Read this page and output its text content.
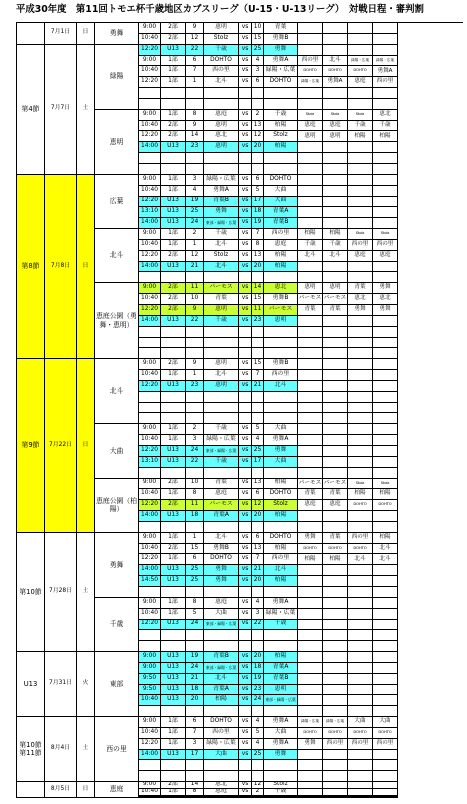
平成30年度　第11回トモエ杯千歳地区カブスリーグ（U-15・U-13リーグ）　対戦日程・審判割
7月1日	日	勇舞
9:00	2部	9	恵明	vs 10	青葉
10:40	2部	12	Stolz	vs 15	勇舞B
12:20	U13	22	千歳	vs 25	勇舞
第4節	7月7日	土
緑陽
9:00	1部	6	DOHTO	vs	4	勇舞A	西の里	北斗	緑陽・広葉	緑陽・広葉
10:40	1部	7	西の里	vs	3	緑陽・広葉	DOHTO	DOHTO	DOHTO	勇舞A
12:20	1部	1	北斗	vs	6	DOHTO	緑陽・広葉	勇舞A	恵庭	西の里
恵明
9:00	1部	8	恵庭	vs	2	千歳	Stolz	Stolz	Stolz	恵北
10:40	2部	9	恵明	vs 13	柏陽	恵庭	恵庭	千歳	千歳
12:20	2部	14	恵北	vs 12	Stolz	恵明	恵明	柏陽	柏陽
14:00	U13	23	恵明	vs 20	柏陽
第8節	7月8日	日
広葉
9:00	1部	3	緑陽・広葉	vs	6	DOHTO
10:40	1部	4	勇舞A	vs	5	大曲
12:20	U13	19	青葉B	vs 17	大曲
13:10	U13	25	勇舞	vs 18	青葉A
14:00	U13	24	東部・緑陽・広葉 vs 19	青葉B
北斗
9:00	1部	2	千歳	vs	7	西の里	柏陽	柏陽	Stolz	Stolz
10:40	1部	1	北斗	vs	8	恵庭	千歳	千歳	西の里	西の里
12:20	2部	12	Stolz	vs 13	柏陽	北斗	北斗	恵庭	恵庭
14:00	U13	21	北斗	vs 20	柏陽
恵庭公園（勇舞・恵明）
9:00	2部	11	パーモス	vs 14	恵北	恵明	恵明	青葉	勇舞
10:40	2部	10	青葉	vs 15	勇舞B	パーモス パーモス	恵北	恵北
12:20	2部	9	恵明	vs 11	パーモス	青葉	青葉	勇舞	勇舞
14:00	U13	22	千歳	vs 23	恵明
第9節	7月22日	日
北斗
9:00	2部	9	恵明	vs 15	勇舞B
10:40	1部	1	北斗	vs	7	西の里
12:20	U13	23	恵明	vs 21	北斗
大曲
9:00	1部	2	千歳	vs	5	大曲
10:40	1部	3	緑陽・広葉	vs	4	勇舞A
12:20	U13	24	東部・緑陽・広葉 vs 25	勇舞
13:10	U13	22	千歳	vs 17	大曲
恵庭公園（柏陽）
9:00	2部	10	青葉	vs 13	柏陽	パーモス パーモス	Stolz	Stolz
10:40	1部	8	恵庭	vs	6	DOHTO	青葉	青葉	柏陽	柏陽
12:20	2部	11	パーモス	vs 12	Stolz	恵庭	恵庭	DOHTO	DOHTO
14:00	U13	18	青葉A	vs 20	柏陽
第10節	7月28日	土
勇舞
9:00	1部	1	北斗	vs	6	DOHTO	勇舞	青葉	西の里	柏陽
10:40	2部	15	勇舞B	vs 13	柏陽	DOHTO	DOHTO	DOHTO	北斗
12:20	1部	6	DOHTO	vs	7	西の里	柏陽	柏陽	北斗	北斗
14:00	U13	25	勇舞	vs 21	北斗
14:50	U13	25	勇舞	vs 20	柏陽
千歳
9:00	1部	8	恵庭	vs	4	勇舞A
10:40	1部	5	大曲	vs	3	緑陽・広葉
12:20	U13	24	東部・緑陽・広葉 vs 22	千歳
U13	7月31日	火	東部
9:00	U13	19	青葉B	vs 20	柏陽
9:00	U13	24	東部・緑陽・広葉 vs 18	青葉A
9:50	U13	21	北斗	vs 19	青葉B
9:50	U13	18	青葉A	vs 23	恵明
10:40	U13	20	柏陽	vs 24	東部・緑陽・広葉
第10節 第11節
8月4日	土	西の里
9:00	1部	6	DOHTO	vs	4	勇舞A	緑陽・広葉	緑陽・広葉	大曲	大曲
10:40	1部	7	西の里	vs	5	大曲	DOHTO	DOHTO	DOHTO	DOHTO
12:20	1部	3	緑陽・広葉	vs	4	勇舞A	勇舞	西の里	西の里	西の里
14:00	U13	17	大曲	vs 25	勇舞
8月5日	日	恵庭
9:00	2部	14	恵北	vs 12	Stolz
10:40	1部	8	恵庭	vs	2	千歳
